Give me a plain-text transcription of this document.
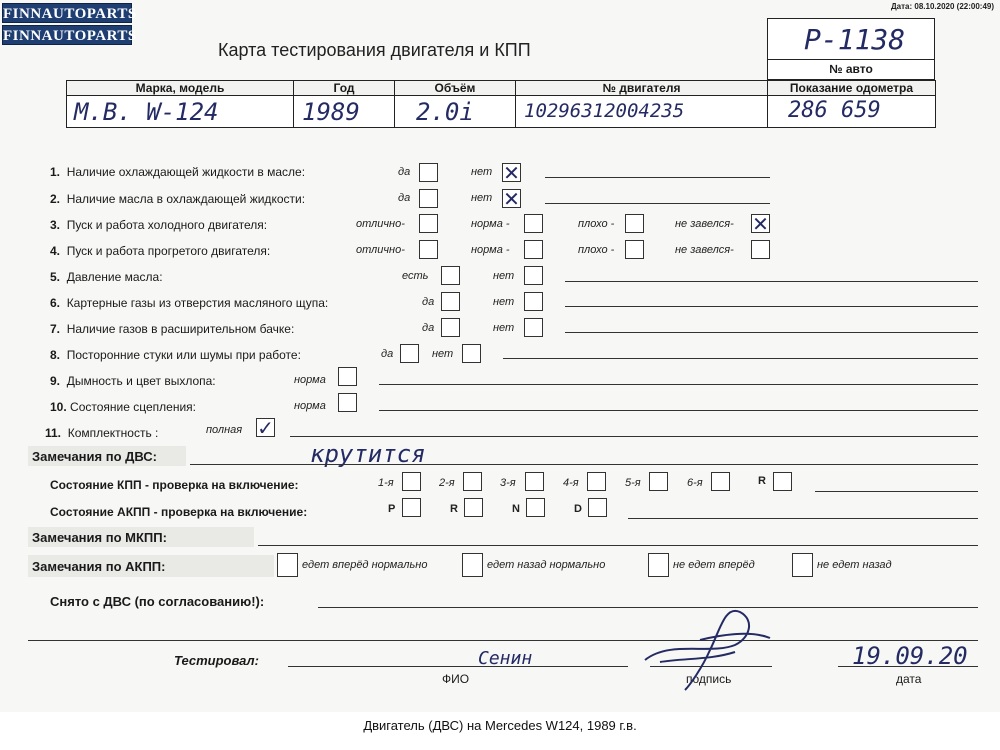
FINNAUTOPARTS
FINNAUTOPARTS
Дата: 08.10.2020 (22:00:49)
Карта тестирования двигателя и КПП	P-1138
№ авто
Марка, модель	Год	Объём	№ двигателя	Показание одометра
M.B. W-124	1989 2.0i	10296312004235	286 659
1. Наличие охлаждающей жидкости в масле:	да	нет ✕
2. Наличие масла в охлаждающей жидкости:	да	нет ✕
3. Пуск и работа холодного двигателя:	отлично-	норма -	плохо -	не завелся- ✕
4. Пуск и работа прогретого двигателя:	отлично-	норма -	плохо -	не завелся-
5. Давление масла:	есть	нет
6. Картерные газы из отверстия масляного щупа:	да	нет
7. Наличие газов в расширительном бачке:	да	нет
8. Посторонние стуки или шумы при работе:	да	нет
9. Дымность и цвет выхлопа:	норма
10. Состояние сцепления:	норма
11. Комплектность :	полная ✓
Замечания по ДВС:	крутится
Состояние КПП - проверка на включение:	1-я	2-я	3-я	4-я	5-я	6-я	R
Состояние АКПП - проверка на включение:	P	R	N	D
Замечания по МКПП:
Замечания по АКПП:	едет вперёд нормально	едет назад нормально	не едет вперёд	не едет назад
Снято с ДВС (по согласованию!):
Тестировал:	Сенин
ФИО	подпись	дата
19.09.20
Двигатель (ДВС) на Mercedes W124, 1989 г.в.
